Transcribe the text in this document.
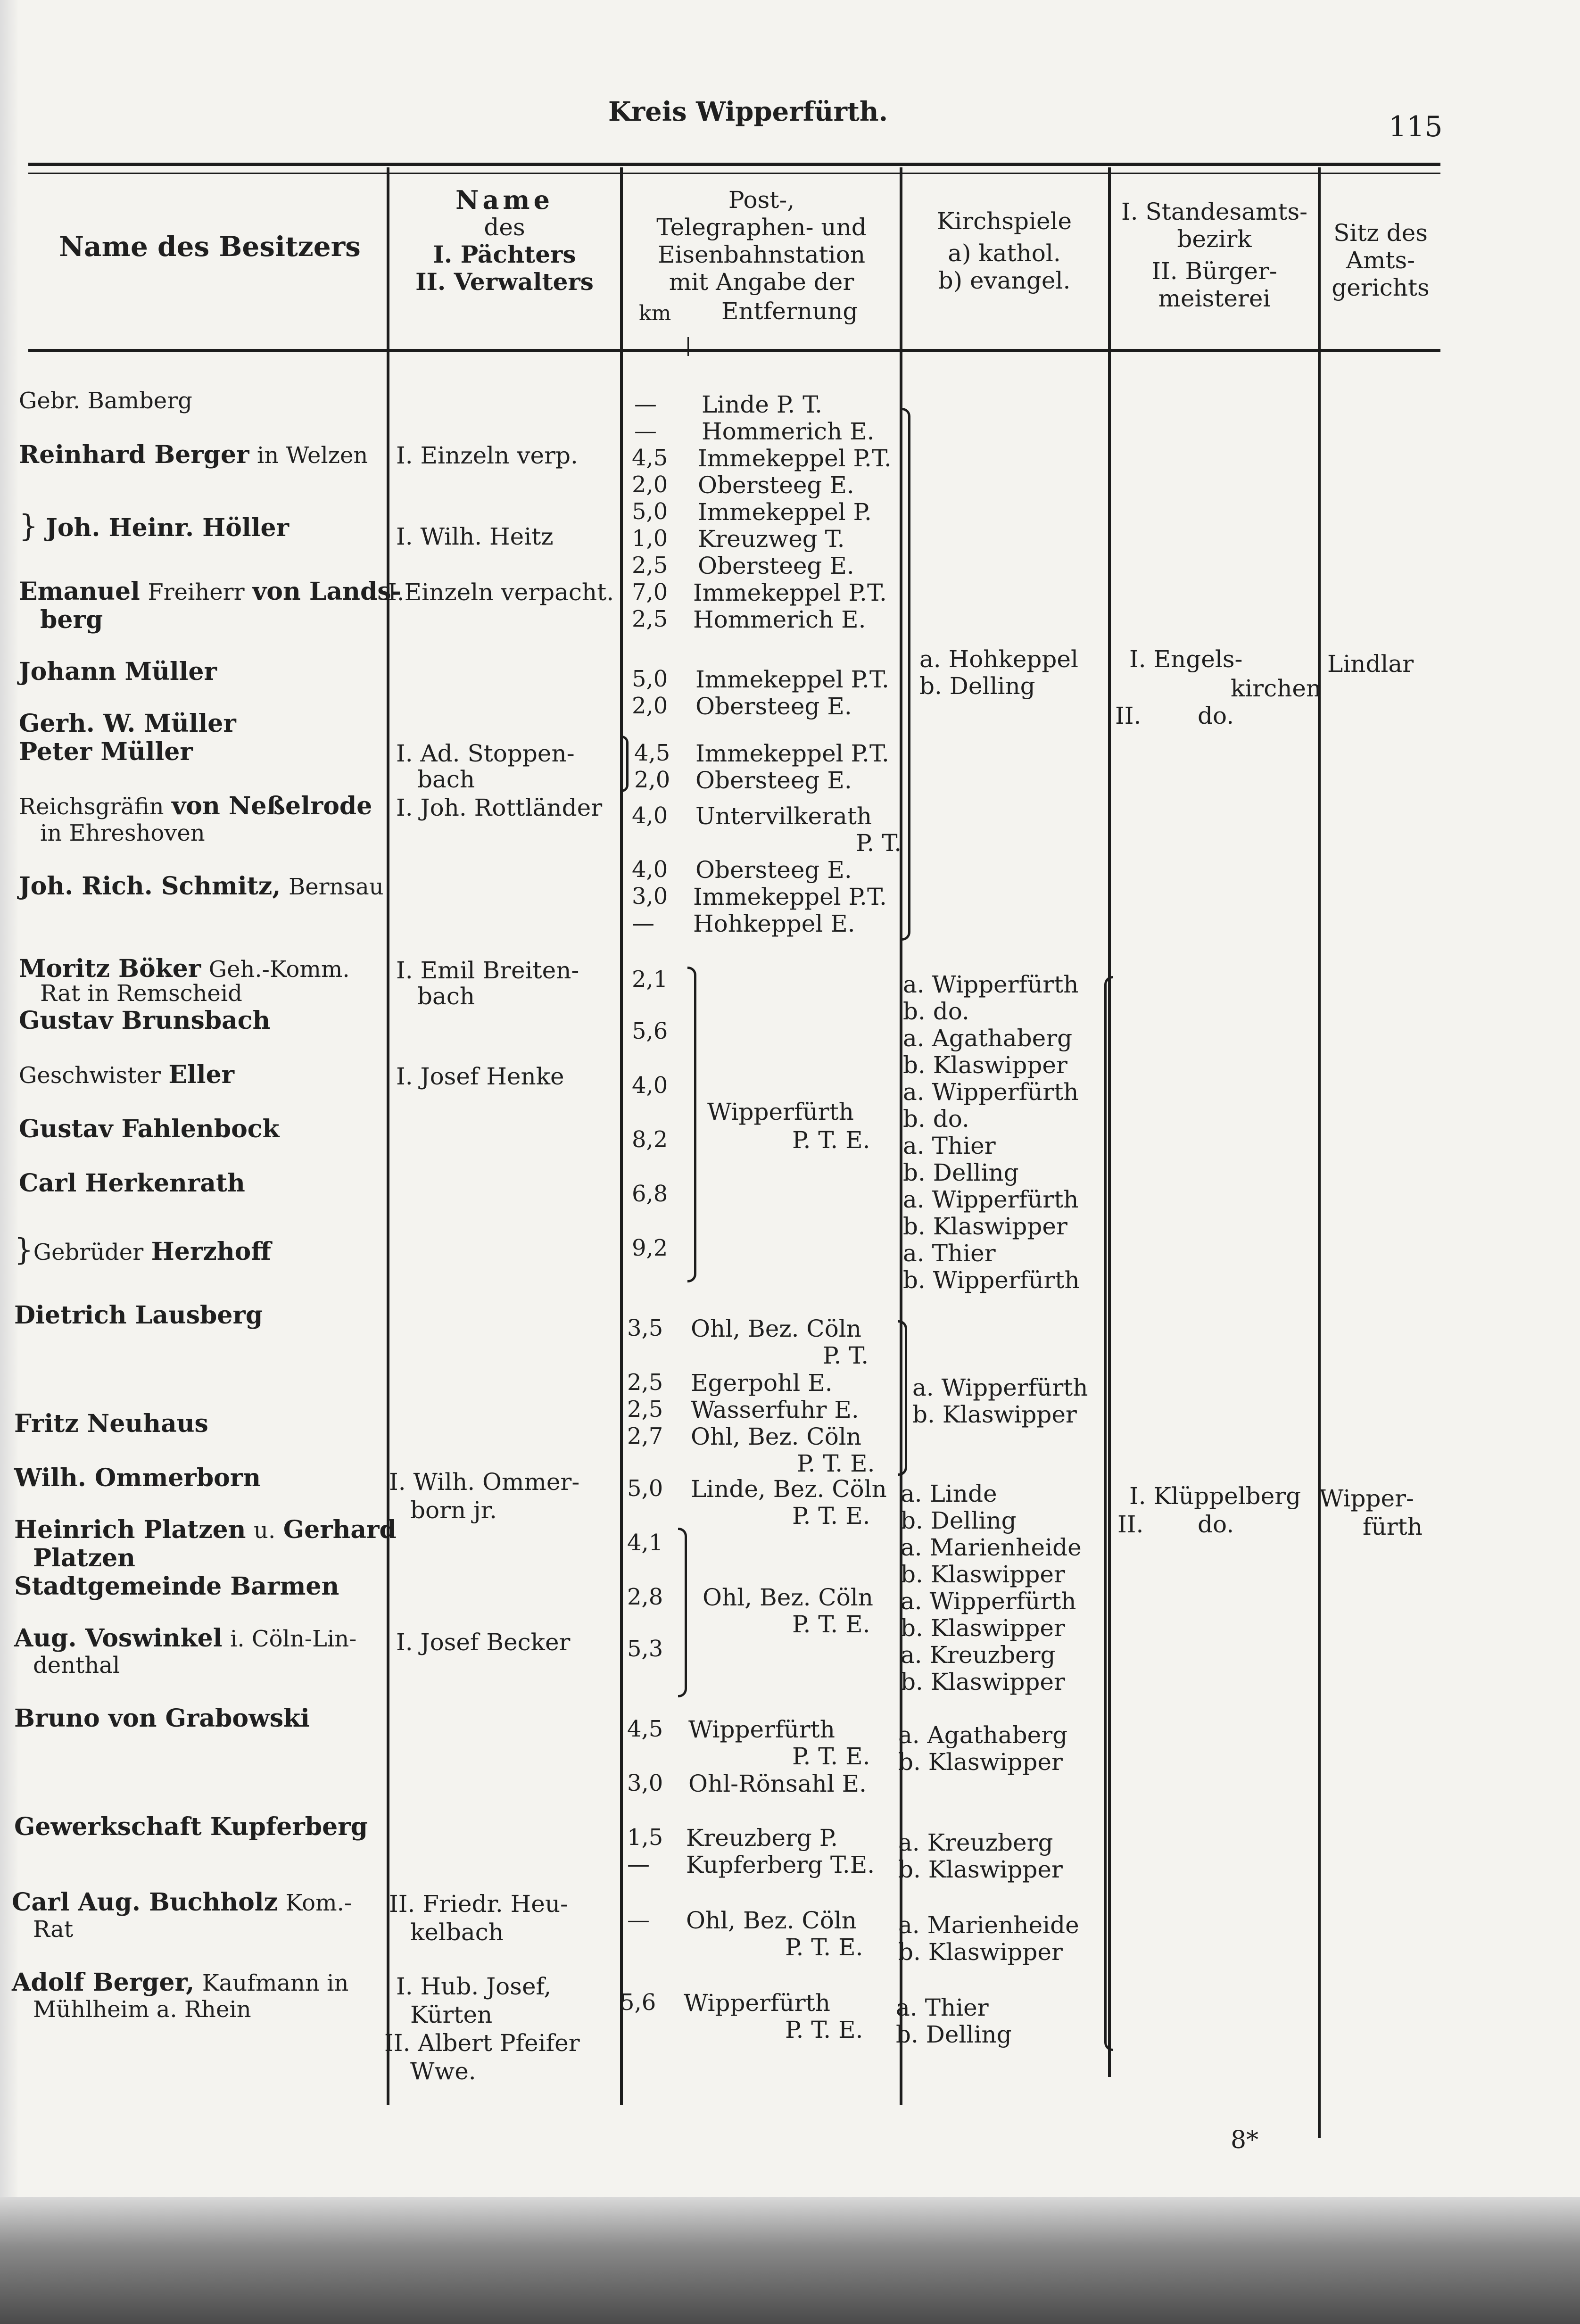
Kreis Wipperfürth.	115
Name des Besitzers
Name
des
I. Pächters
II. Verwalters
Post-,
Telegraphen- und
Eisenbahnstation
mit Angabe der
km Entfernung
Kirchspiele
a) kathol.
b) evangel.
I. Standesamts-
bezirk
II. Bürger-
meisterei
Sitz des
Amts-
gerichts
Gebr. Bamberg
Reinhard Berger in Welzen
} Joh. Heinr. Höller
Emanuel Freiherr von Lands-
berg
Johann Müller
Gerh. W. Müller
Peter Müller
Reichsgräfin von Neßelrode
in Ehreshoven
Joh. Rich. Schmitz, Bernsau
Moritz Böker Geh.-Komm.
Rat in Remscheid
Gustav Brunsbach
Geschwister Eller
Gustav Fahlenbock
Carl Herkenrath
}Gebrüder Herzhoff
Dietrich Lausberg
Fritz Neuhaus
Wilh. Ommerborn
Heinrich Platzen u. Gerhard
Platzen
Stadtgemeinde Barmen
Aug. Voswinkel i. Cöln-Lin-
denthal
Bruno von Grabowski
Gewerkschaft Kupferberg
Carl Aug. Buchholz Kom.-
Rat
Adolf Berger, Kaufmann in
Mühlheim a. Rhein
I. Einzeln verp.
I. Wilh. Heitz
I.Einzeln verpacht.
I. Ad. Stoppen-
bach
I. Joh. Rottländer
I. Emil Breiten-
bach
I. Josef Henke
I. Wilh. Ommer-
born jr.
I. Josef Becker
II. Friedr. Heu-
kelbach
I. Hub. Josef,
Kürten
II. Albert Pfeifer
Wwe.
—
—
4,5
2,0
5,0
1,0
2,5
7,0
2,5
5,0
2,0
4,5
2,0
4,0
4,0
3,0
—
2,1
5,6
4,0
8,2
6,8
9,2
3,5
2,5
2,5
2,7
5,0
4,1
2,8
5,3
4,5
3,0
1,5
—
—
5,6
Linde P. T.
Hommerich E.
Immekeppel P.T.
Obersteeg E.
Immekeppel P.
Kreuzweg T.
Obersteeg E.
Immekeppel P.T.
Hommerich E.
Immekeppel P.T.
Obersteeg E.
Immekeppel P.T.
Obersteeg E.
Untervilkerath
P. T.
Obersteeg E.
Immekeppel P.T.
Hohkeppel E.
Wipperfürth
P. T. E.
Ohl, Bez. Cöln
P. T.
Egerpohl E.
Wasserfuhr E.
Ohl, Bez. Cöln
P. T. E.
Linde, Bez. Cöln
P. T. E.
Ohl, Bez. Cöln
P. T. E.
Wipperfürth
P. T. E.
Ohl-Rönsahl E.
Kreuzberg P.
Kupferberg T.E.
Ohl, Bez. Cöln
P. T. E.
Wipperfürth
P. T. E.
a. Hohkeppel
b. Delling
a. Wipperfürth
b. do.
a. Agathaberg
b. Klaswipper
a. Wipperfürth
b. do.
a. Thier
b. Delling
a. Wipperfürth
b. Klaswipper
a. Thier
b. Wipperfürth
a. Wipperfürth
b. Klaswipper
a. Linde
b. Delling
a. Marienheide
b. Klaswipper
a. Wipperfürth
b. Klaswipper
a. Kreuzberg
b. Klaswipper
a. Agathaberg
b. Klaswipper
a. Kreuzberg
b. Klaswipper
a. Marienheide
b. Klaswipper
a. Thier
b. Delling
I. Engels-
kirchen
II. do.
I. Klüppelberg
II. do.
Lindlar
Wipper-
fürth
8*
